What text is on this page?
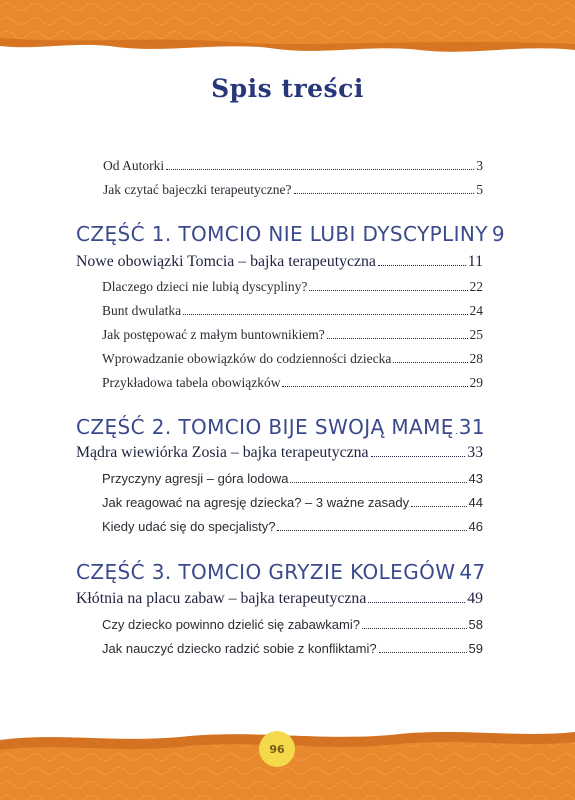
Spis treści
Od Autorki	3
Jak czytać bajeczki terapeutyczne?	5
CZĘŚĆ 1. TOMCIO NIE LUBI DYSCYPLINY 9
Nowe obowiązki Tomcia – bajka terapeutyczna	11
Dlaczego dzieci nie lubią dyscypliny?	22
Bunt dwulatka	24
Jak postępować z małym buntownikiem?	25
Wprowadzanie obowiązków do codzienności dziecka	28
Przykładowa tabela obowiązków	29
CZĘŚĆ 2. TOMCIO BIJE SWOJĄ MAMĘ 31
Mądra wiewiórka Zosia – bajka terapeutyczna	33
Przyczyny agresji – góra lodowa	43
Jak reagować na agresję dziecka? – 3 ważne zasady	44
Kiedy udać się do specjalisty?	46
CZĘŚĆ 3. TOMCIO GRYZIE KOLEGÓW 47
Kłótnia na placu zabaw – bajka terapeutyczna	49
Czy dziecko powinno dzielić się zabawkami?	58
Jak nauczyć dziecko radzić sobie z konfliktami?	59
96
